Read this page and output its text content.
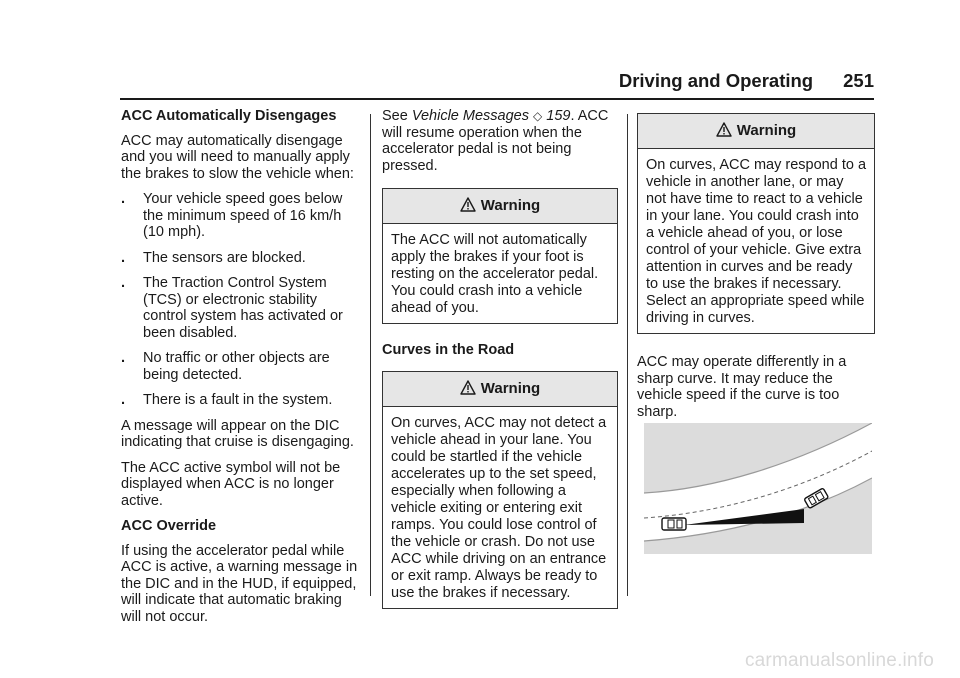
Driving and Operating 251

ACC Automatically Disengages

ACC may automatically disengage and you will need to manually apply the brakes to slow the vehicle when:

. Your vehicle speed goes below the minimum speed of 16 km/h (10 mph).
. The sensors are blocked.
. The Traction Control System (TCS) or electronic stability control system has activated or been disabled.
. No traffic or other objects are being detected.
. There is a fault in the system.

A message will appear on the DIC indicating that cruise is disengaging.

The ACC active symbol will not be displayed when ACC is no longer active.

ACC Override

If using the accelerator pedal while ACC is active, a warning message in the DIC and in the HUD, if equipped, will indicate that automatic braking will not occur.

See Vehicle Messages ◇ 159. ACC will resume operation when the accelerator pedal is not being pressed.

Warning
The ACC will not automatically apply the brakes if your foot is resting on the accelerator pedal. You could crash into a vehicle ahead of you.

Curves in the Road

Warning
On curves, ACC may not detect a vehicle ahead in your lane. You could be startled if the vehicle accelerates up to the set speed, especially when following a vehicle exiting or entering exit ramps. You could lose control of the vehicle or crash. Do not use ACC while driving on an entrance or exit ramp. Always be ready to use the brakes if necessary.
Warning
On curves, ACC may respond to a vehicle in another lane, or may not have time to react to a vehicle in your lane. You could crash into a vehicle ahead of you, or lose control of your vehicle. Give extra attention in curves and be ready to use the brakes if necessary. Select an appropriate speed while driving in curves.

ACC may operate differently in a sharp curve. It may reduce the vehicle speed if the curve is too sharp.

carmanualsonline.info
